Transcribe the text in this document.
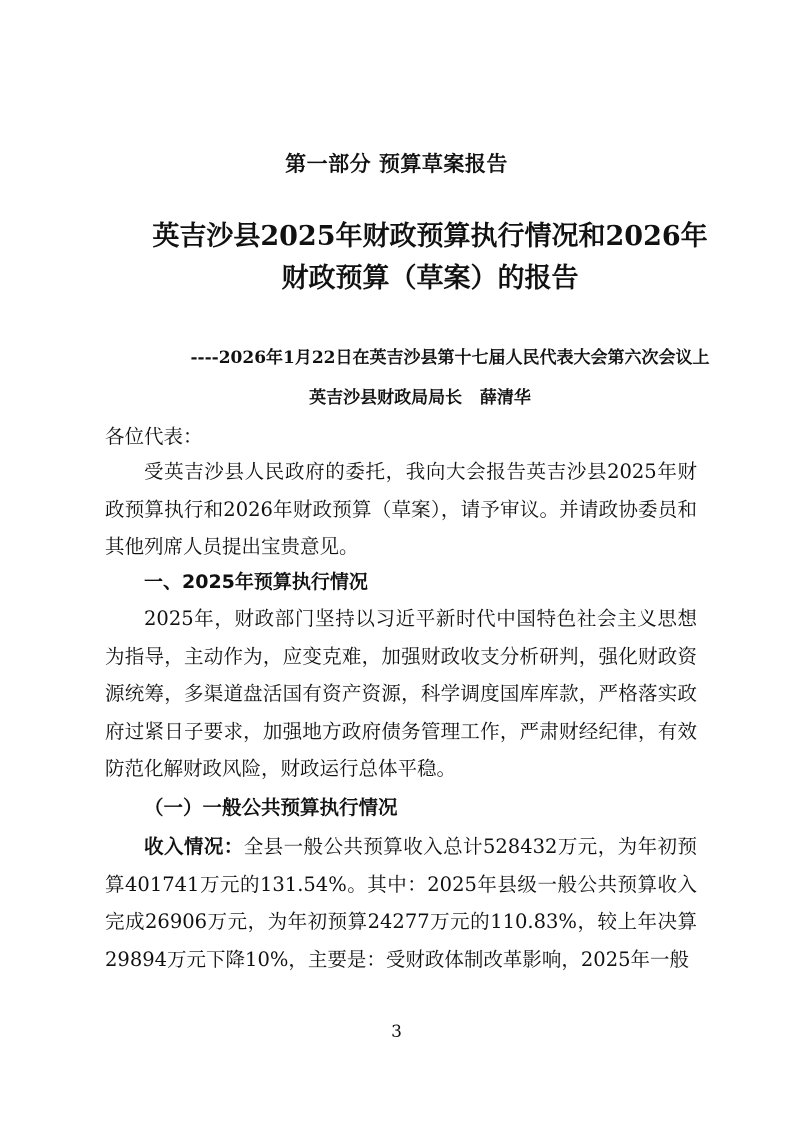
第一部分 预算草案报告
英吉沙县2025年财政预算执行情况和2026年
财政预算（草案）的报告
----2026年1月22日在英吉沙县第十七届人民代表大会第六次会议上
英吉沙县财政局局长   薛清华
各位代表：
受英吉沙县人民政府的委托，我向大会报告英吉沙县2025年财政预算执行和2026年财政预算（草案），请予审议。并请政协委员和其他列席人员提出宝贵意见。
一、2025年预算执行情况
2025年，财政部门坚持以习近平新时代中国特色社会主义思想为指导，主动作为，应变克难，加强财政收支分析研判，强化财政资源统筹，多渠道盘活国有资产资源，科学调度国库库款，严格落实政府过紧日子要求，加强地方政府债务管理工作，严肃财经纪律，有效防范化解财政风险，财政运行总体平稳。
（一）一般公共预算执行情况
收入情况：全县一般公共预算收入总计528432万元，为年初预算401741万元的131.54%。其中：2025年县级一般公共预算收入完成26906万元，为年初预算24277万元的110.83%，较上年决算29894万元下降10%，主要是：受财政体制改革影响，2025年一般
3
